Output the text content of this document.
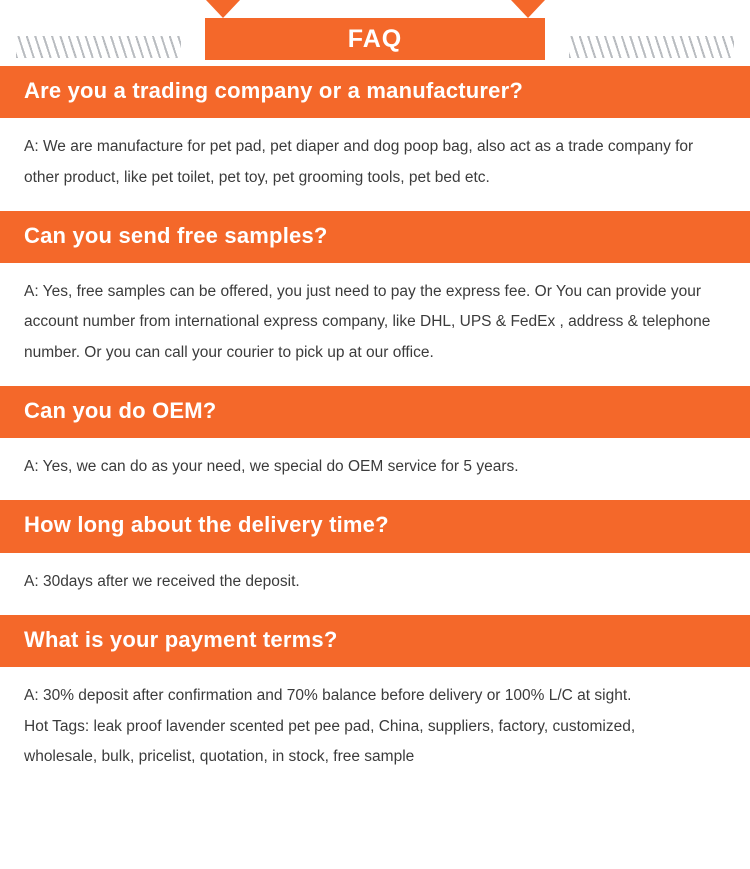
FAQ
Are you a trading company or a manufacturer?

A: We are manufacture for pet pad, pet diaper and dog poop bag, also act as a trade company for other product, like pet toilet, pet toy, pet grooming tools, pet bed etc.

Can you send free samples?

A: Yes, free samples can be offered, you just need to pay the express fee. Or You can provide your account number from international express company, like DHL, UPS & FedEx , address & telephone number. Or you can call your courier to pick up at our office.

Can you do OEM?

A: Yes, we can do as your need, we special do OEM service for 5 years.

How long about the delivery time?

A: 30days after we received the deposit.

What is your payment terms?

A: 30% deposit after confirmation and 70% balance before delivery or 100% L/C at sight.

Hot Tags: leak proof lavender scented pet pee pad, China, suppliers, factory, customized,
wholesale, bulk, pricelist, quotation, in stock, free sample
